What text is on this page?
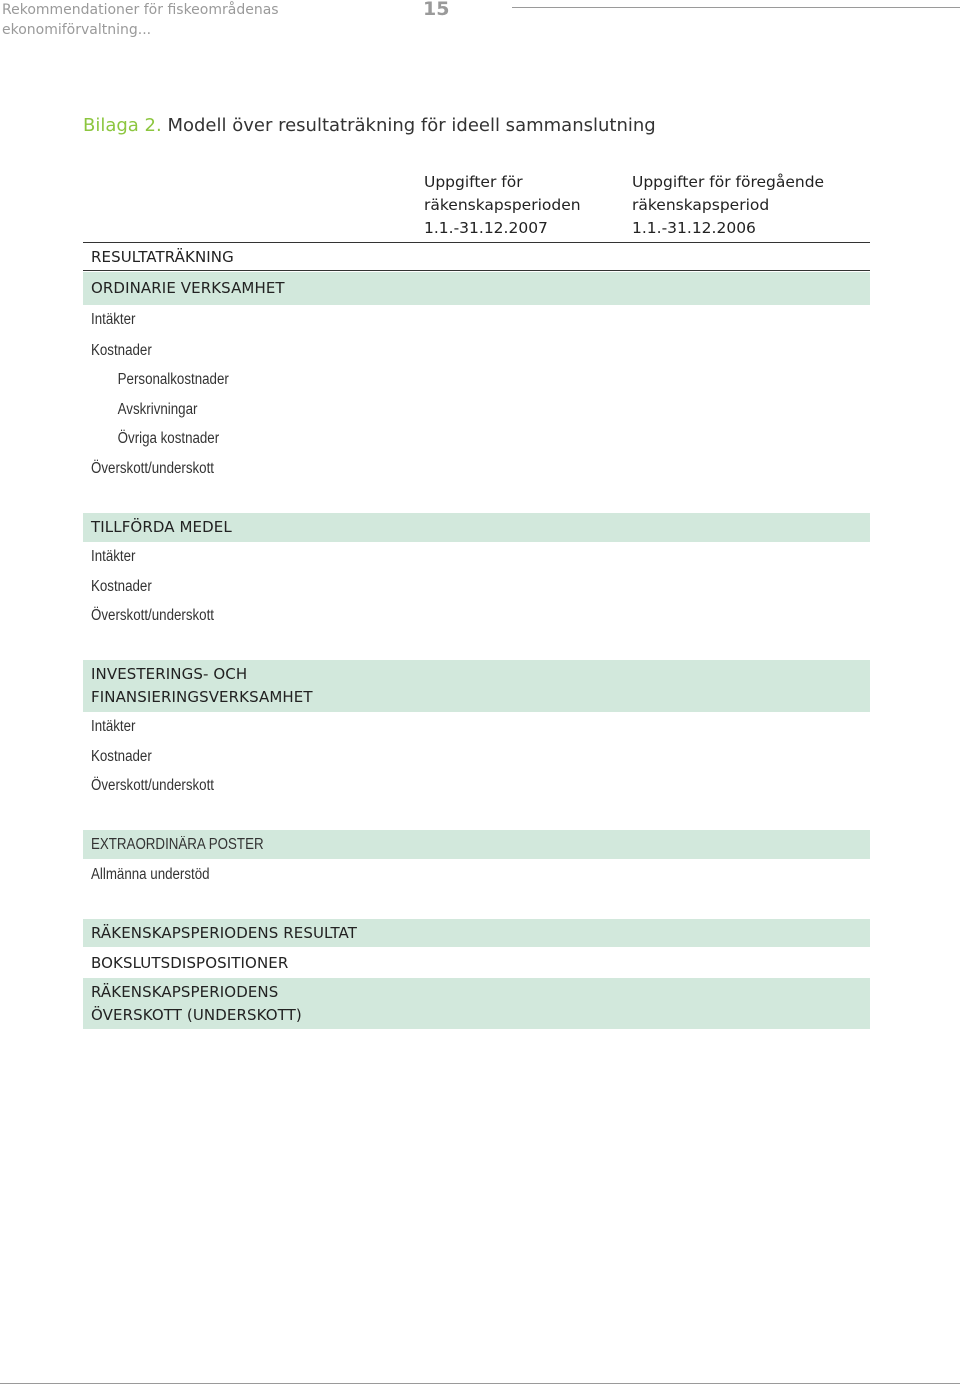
Rekommendationer för fiskeområdenas
ekonomiförvaltning...
15
Bilaga 2. Modell över resultaträkning för ideell sammanslutning
Uppgifter för
räkenskapsperioden
1.1.-31.12.2007
Uppgifter för föregående
räkenskapsperiod
1.1.-31.12.2006
RESULTATRÄKNING
ORDINARIE VERKSAMHET
Intäkter
Kostnader
Personalkostnader
Avskrivningar
Övriga kostnader
Överskott/underskott
TILLFÖRDA MEDEL
Intäkter
Kostnader
Överskott/underskott
INVESTERINGS- OCH
FINANSIERINGSVERKSAMHET
Intäkter
Kostnader
Överskott/underskott
EXTRAORDINÄRA POSTER
Allmänna understöd
RÄKENSKAPSPERIODENS RESULTAT
BOKSLUTSDISPOSITIONER
RÄKENSKAPSPERIODENS
ÖVERSKOTT (UNDERSKOTT)
